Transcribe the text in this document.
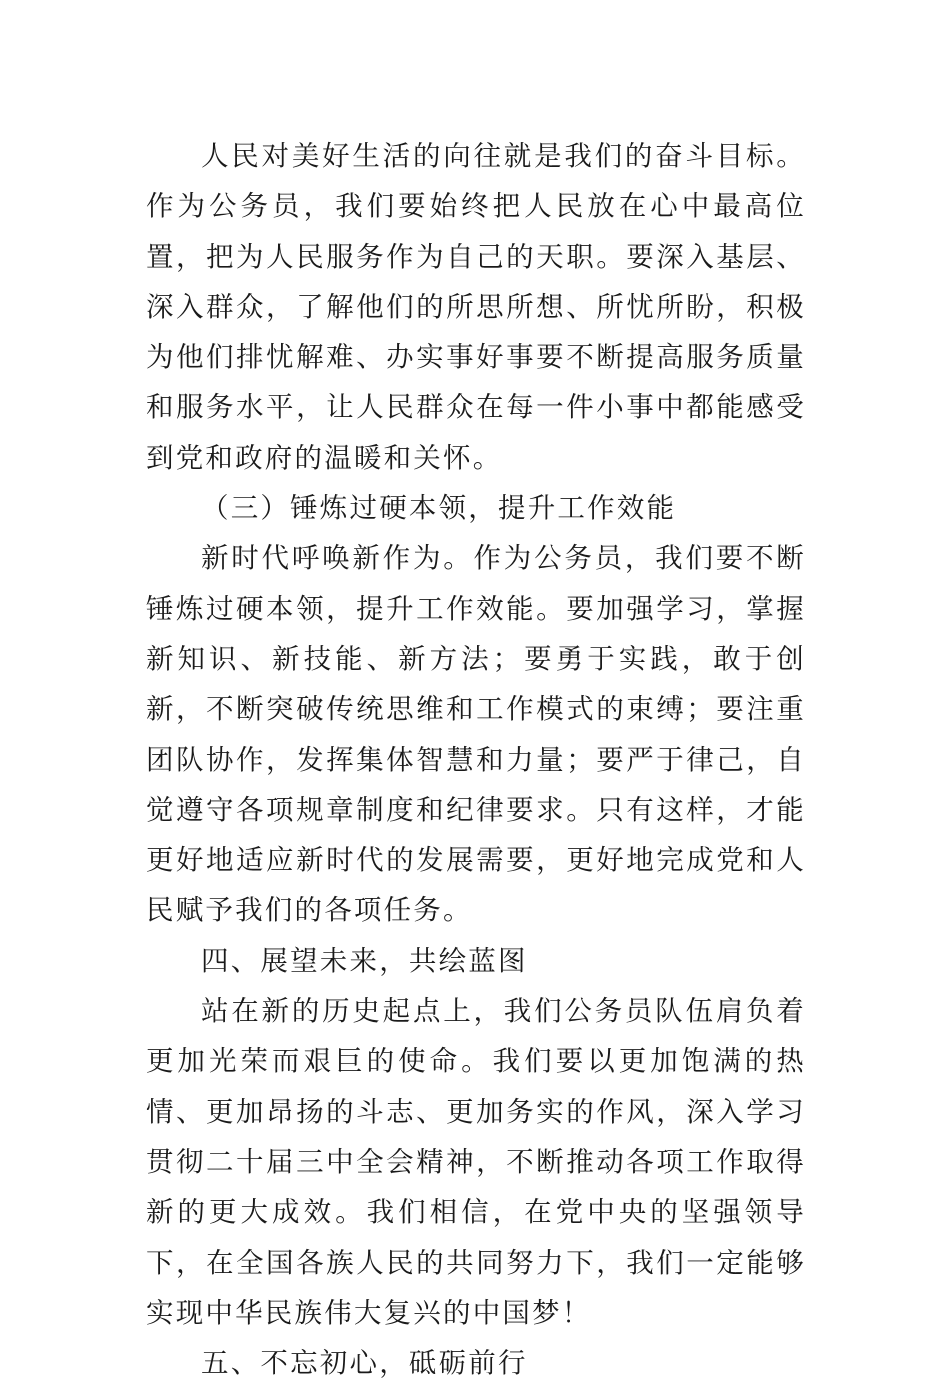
人民对美好生活的向往就是我们的奋斗目标。作为公务员，我们要始终把人民放在心中最高位置，把为人民服务作为自己的天职。要深入基层、深入群众，了解他们的所思所想、所忧所盼，积极为他们排忧解难、办实事好事要不断提高服务质量和服务水平，让人民群众在每一件小事中都能感受到党和政府的温暖和关怀。

（三）锤炼过硬本领，提升工作效能

新时代呼唤新作为。作为公务员，我们要不断锤炼过硬本领，提升工作效能。要加强学习，掌握新知识、新技能、新方法；要勇于实践，敢于创新，不断突破传统思维和工作模式的束缚；要注重团队协作，发挥集体智慧和力量；要严于律己，自觉遵守各项规章制度和纪律要求。只有这样，才能更好地适应新时代的发展需要，更好地完成党和人民赋予我们的各项任务。

四、展望未来，共绘蓝图

站在新的历史起点上，我们公务员队伍肩负着更加光荣而艰巨的使命。我们要以更加饱满的热情、更加昂扬的斗志、更加务实的作风，深入学习贯彻二十届三中全会精神，不断推动各项工作取得新的更大成效。我们相信，在党中央的坚强领导下，在全国各族人民的共同努力下，我们一定能够实现中华民族伟大复兴的中国梦！

五、不忘初心，砥砺前行
